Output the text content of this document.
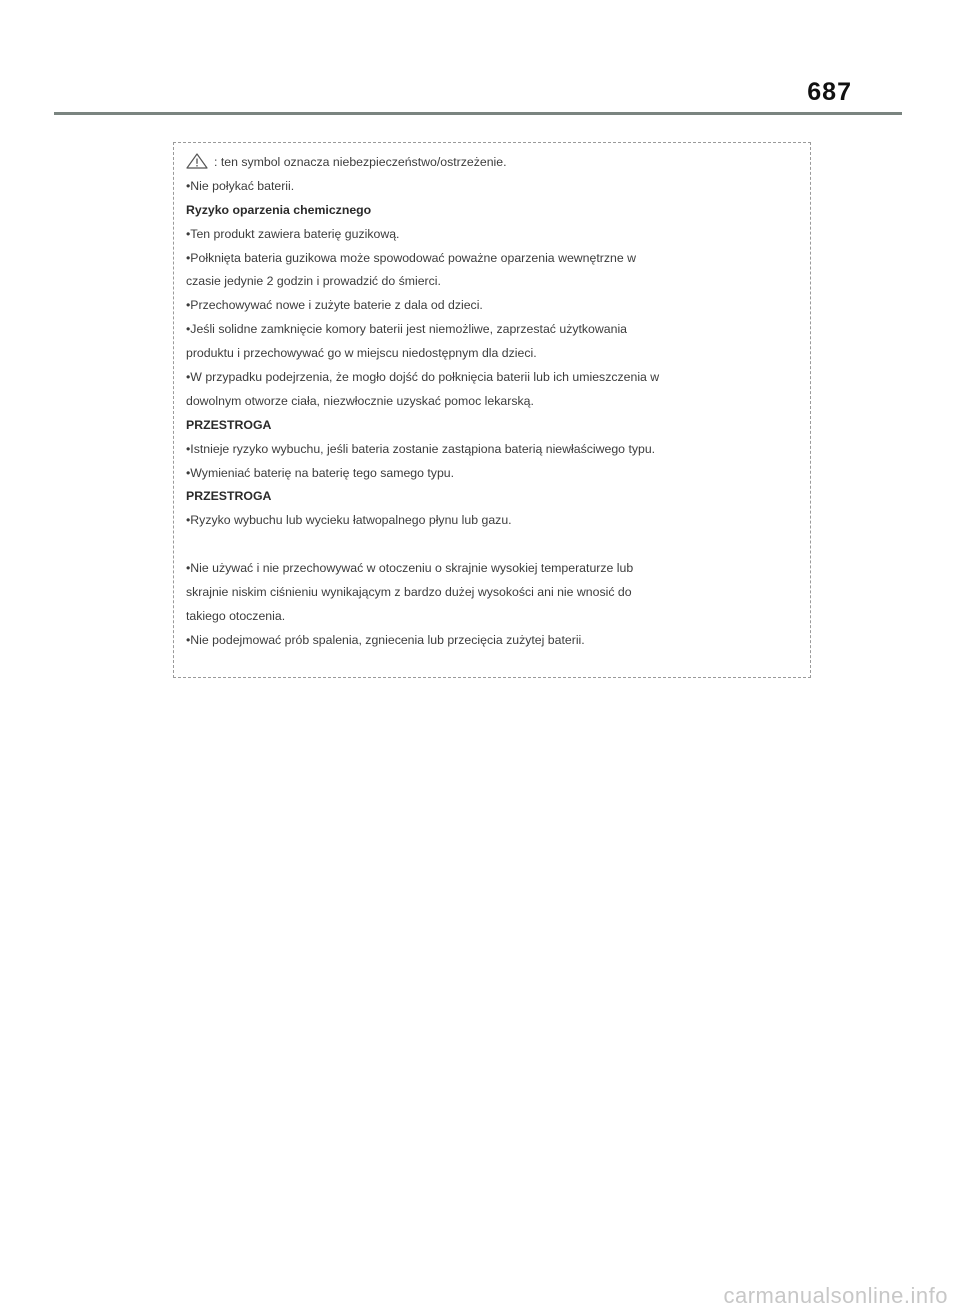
687
: ten symbol oznacza niebezpieczeństwo/ostrzeżenie.
•Nie połykać baterii.
Ryzyko oparzenia chemicznego
•Ten produkt zawiera baterię guzikową.
•Połknięta bateria guzikowa może spowodować poważne oparzenia wewnętrzne w
czasie jedynie 2 godzin i prowadzić do śmierci.
•Przechowywać nowe i zużyte baterie z dala od dzieci.
•Jeśli solidne zamknięcie komory baterii jest niemożliwe, zaprzestać użytkowania
produktu i przechowywać go w miejscu niedostępnym dla dzieci.
•W przypadku podejrzenia, że mogło dojść do połknięcia baterii lub ich umieszczenia w
dowolnym otworze ciała, niezwłocznie uzyskać pomoc lekarską.
PRZESTROGA
•Istnieje ryzyko wybuchu, jeśli bateria zostanie zastąpiona baterią niewłaściwego typu.
•Wymieniać baterię na baterię tego samego typu.
PRZESTROGA
•Ryzyko wybuchu lub wycieku łatwopalnego płynu lub gazu.
•Nie używać i nie przechowywać w otoczeniu o skrajnie wysokiej temperaturze lub
skrajnie niskim ciśnieniu wynikającym z bardzo dużej wysokości ani nie wnosić do
takiego otoczenia.
•Nie podejmować prób spalenia, zgniecenia lub przecięcia zużytej baterii.
carmanualsonline.info
